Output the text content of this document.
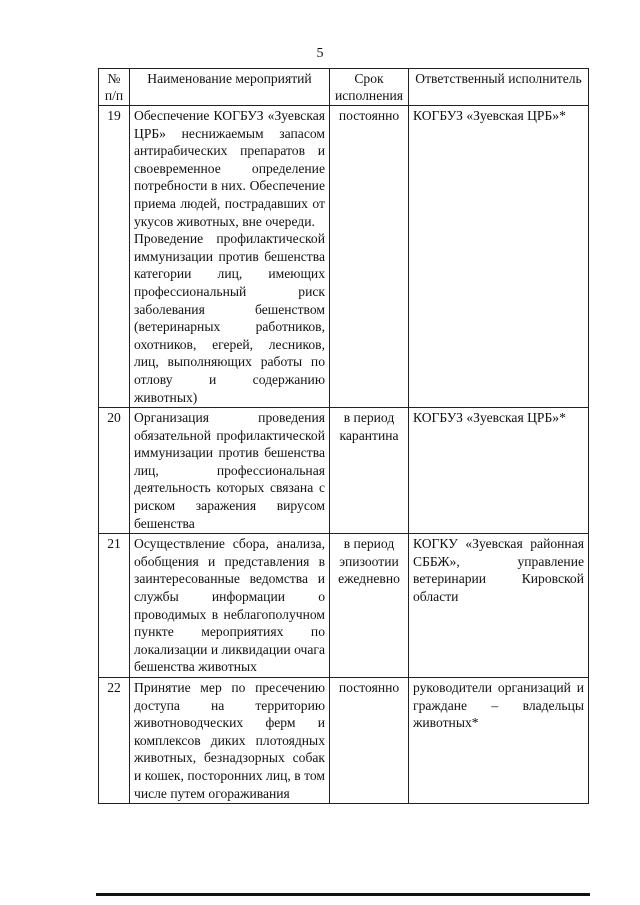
5
№ п/п	Наименование мероприятий	Срок исполнения	Ответственный исполнитель
19	Обеспечение КОГБУЗ «Зуевская ЦРБ» неснижаемым запасом антирабических препаратов и своевременное определение потребности в них. Обеспечение приема людей, пострадавших от укусов животных, вне очереди.
Проведение профилактической иммунизации против бешенства категории лиц, имеющих профессиональный риск заболевания бешенством (ветеринарных работников, охотников, егерей, лесников, лиц, выполняющих работы по отлову и содержанию животных)	постоянно	КОГБУЗ «Зуевская ЦРБ»*
20	Организация проведения обязательной профилактической иммунизации против бешенства лиц, профессиональная деятельность которых связана с риском заражения вирусом бешенства	в период карантина	КОГБУЗ «Зуевская ЦРБ»*
21	Осуществление сбора, анализа, обобщения и представления в заинтересованные ведомства и службы информации о проводимых в неблагополучном пункте мероприятиях по локализации и ликвидации очага бешенства животных	в период эпизоотии ежедневно	КОГКУ «Зуевская районная СББЖ», управление ветеринарии Кировской области
22	Принятие мер по пресечению доступа на территорию животноводческих ферм и комплексов диких плотоядных животных, безнадзорных собак и кошек, посторонних лиц, в том числе путем огораживания	постоянно	руководители организаций и граждане – владельцы животных*
